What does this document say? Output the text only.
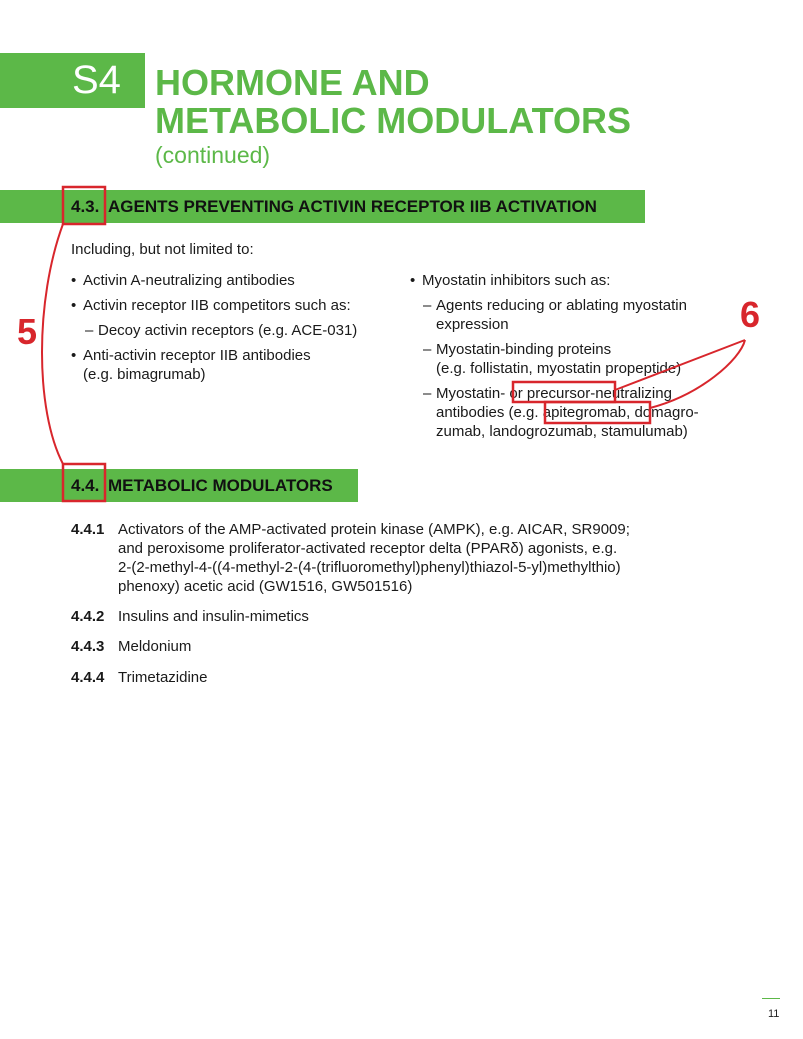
S4 HORMONE AND
METABOLIC MODULATORS
(continued)
4.3. AGENTS PREVENTING ACTIVIN RECEPTOR IIB ACTIVATION
Including, but not limited to:
• Activin A-neutralizing antibodies
• Activin receptor IIB competitors such as:
– Decoy activin receptors (e.g. ACE-031)
• Anti-activin receptor IIB antibodies
(e.g. bimagrumab)
• Myostatin inhibitors such as:
– Agents reducing or ablating myostatin
expression
– Myostatin-binding proteins
(e.g. follistatin, myostatin propeptide)
– Myostatin- or precursor-neutralizing
antibodies (e.g. apitegromab, domagro-
zumab, landogrozumab, stamulumab)
4.4. METABOLIC MODULATORS
4.4.1 Activators of the AMP-activated protein kinase (AMPK), e.g. AICAR, SR9009;
and peroxisome proliferator-activated receptor delta (PPARδ) agonists, e.g.
2-(2-methyl-4-((4-methyl-2-(4-(trifluoromethyl)phenyl)thiazol-5-yl)methylthio)
phenoxy) acetic acid (GW1516, GW501516)
4.4.2 Insulins and insulin-mimetics
4.4.3 Meldonium
4.4.4 Trimetazidine
5	6
11
